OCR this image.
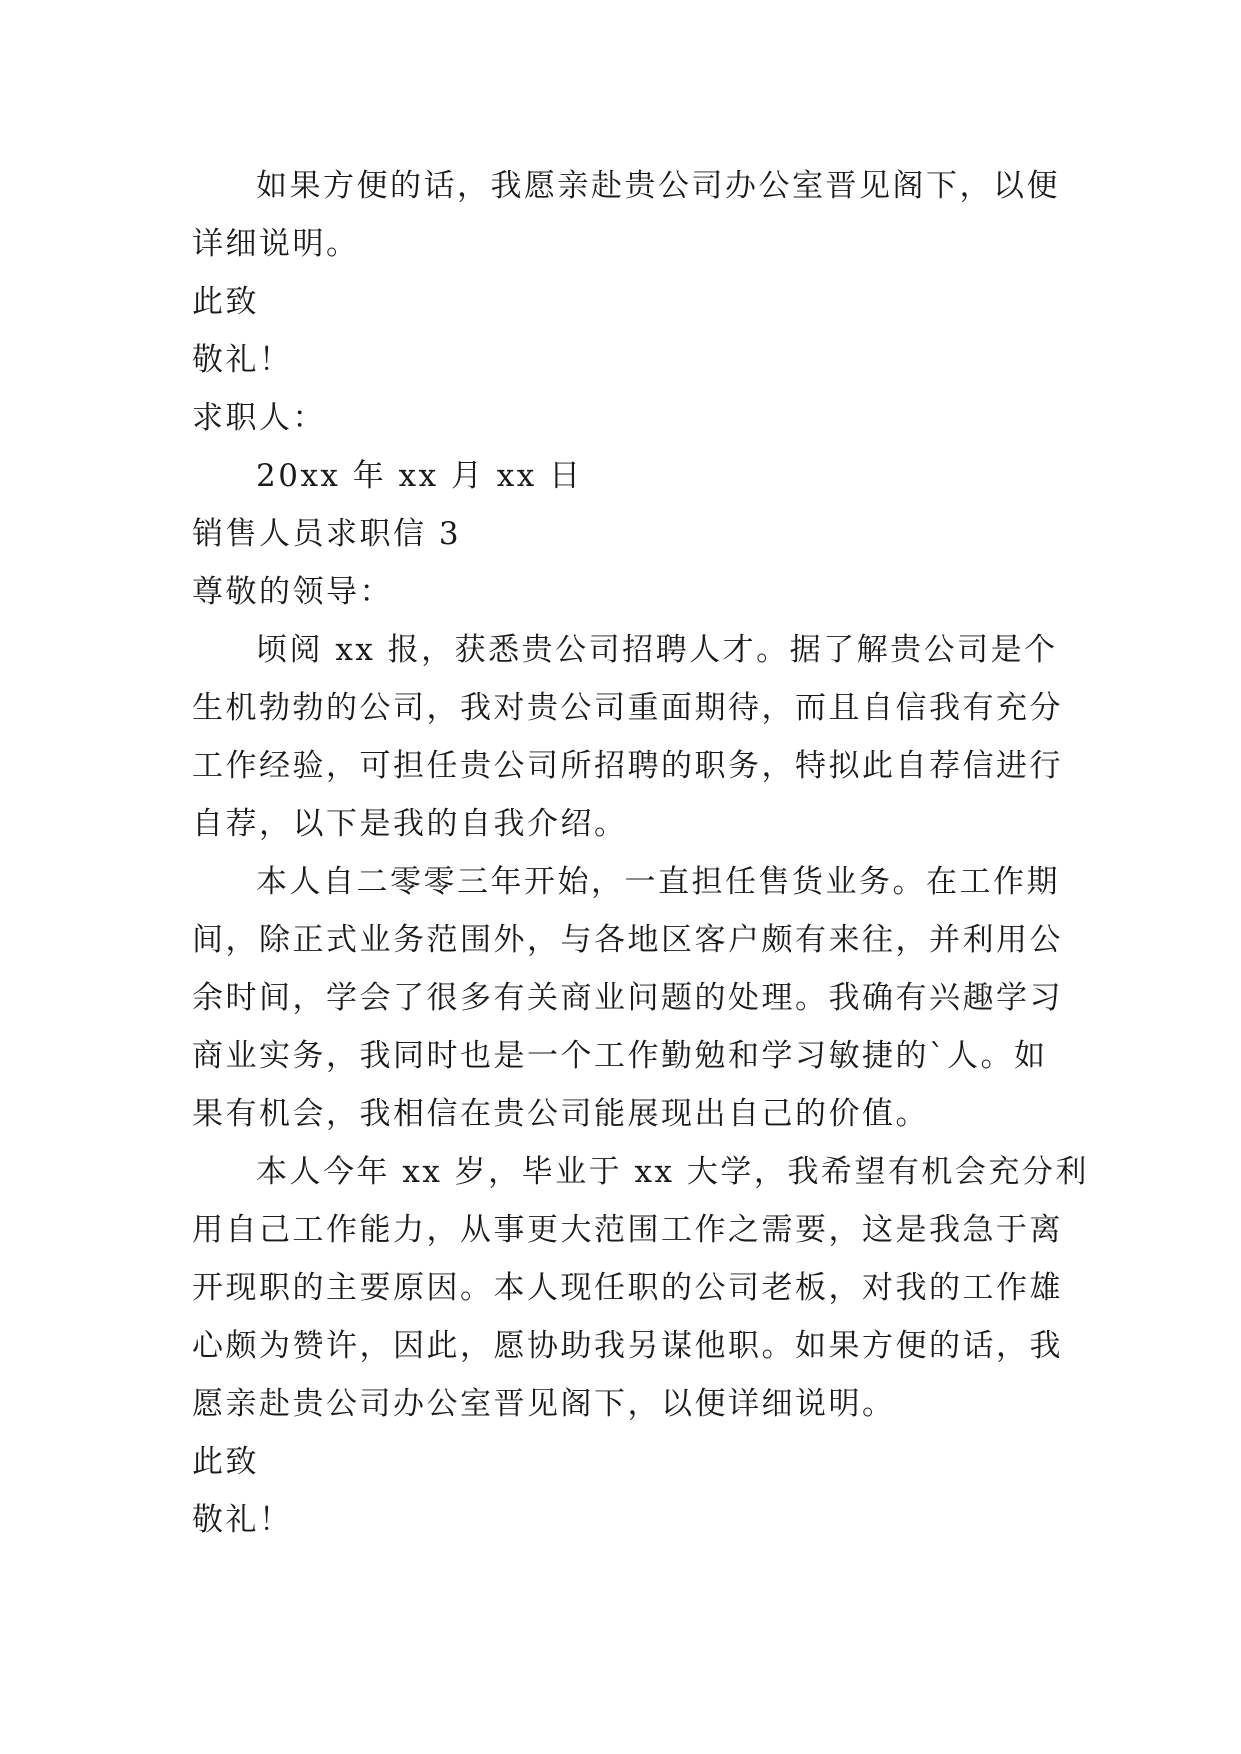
如果方便的话，我愿亲赴贵公司办公室晋见阁下，以便
详细说明。
此致
敬礼！
求职人：
20xx 年 xx 月 xx 日
销售人员求职信 3
尊敬的领导：
顷阅 xx 报，获悉贵公司招聘人才。据了解贵公司是个
生机勃勃的公司，我对贵公司重面期待，而且自信我有充分
工作经验，可担任贵公司所招聘的职务，特拟此自荐信进行
自荐，以下是我的自我介绍。
本人自二零零三年开始，一直担任售货业务。在工作期
间，除正式业务范围外，与各地区客户颇有来往，并利用公
余时间，学会了很多有关商业问题的处理。我确有兴趣学习
商业实务，我同时也是一个工作勤勉和学习敏捷的`人。如
果有机会，我相信在贵公司能展现出自己的价值。
本人今年 xx 岁，毕业于 xx 大学，我希望有机会充分利
用自己工作能力，从事更大范围工作之需要，这是我急于离
开现职的主要原因。本人现任职的公司老板，对我的工作雄
心颇为赞许，因此，愿协助我另谋他职。如果方便的话，我
愿亲赴贵公司办公室晋见阁下，以便详细说明。
此致
敬礼！
